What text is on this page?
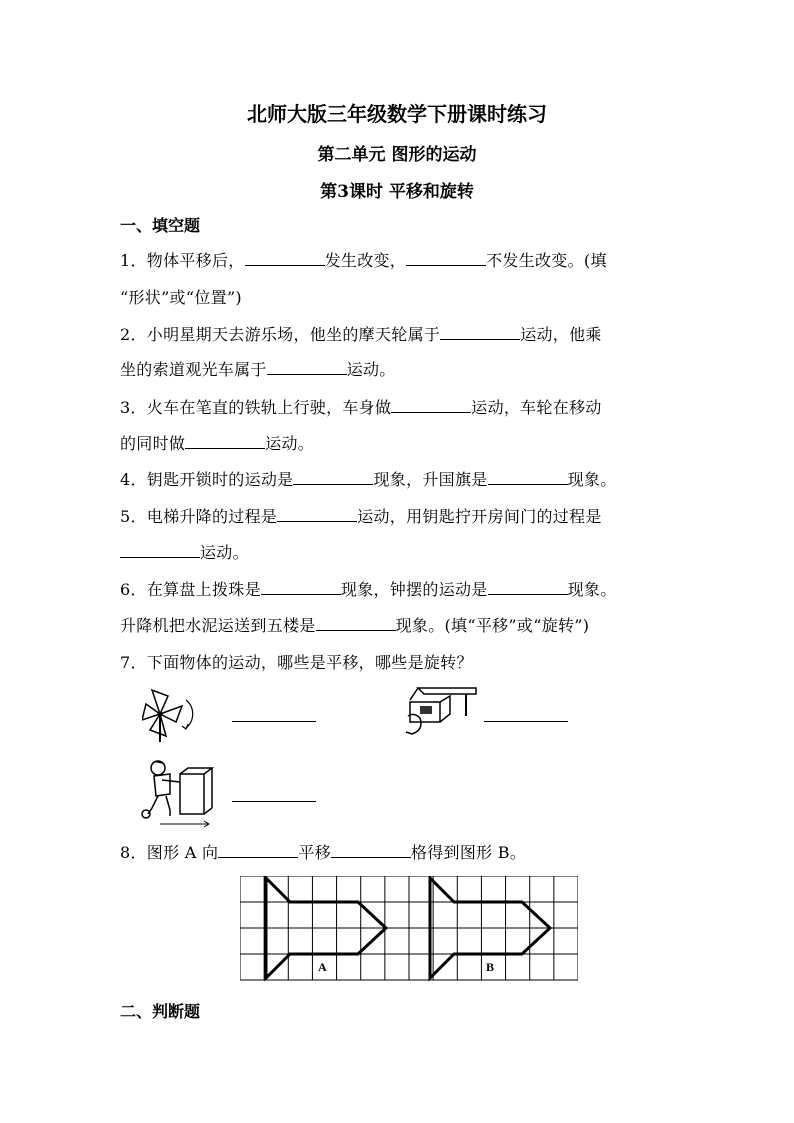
北师大版三年级数学下册课时练习
第二单元 图形的运动
第3课时 平移和旋转
一、填空题
1．物体平移后，	发生改变，	不发生改变。(填
“形状”或“位置”)
2．小明星期天去游乐场，他坐的摩天轮属于	运动，他乘
坐的索道观光车属于	运动。
3．火车在笔直的铁轨上行驶，车身做	运动，车轮在移动
的同时做	运动。
4．钥匙开锁时的运动是	现象，升国旗是	现象。
5．电梯升降的过程是	运动，用钥匙拧开房间门的过程是
运动。
6．在算盘上拨珠是	现象，钟摆的运动是	现象。
升降机把水泥运送到五楼是	现象。(填“平移”或“旋转”)
7．下面物体的运动，哪些是平移，哪些是旋转？
8．图形 A 向	平移	格得到图形 B。
A	B
二、判断题
